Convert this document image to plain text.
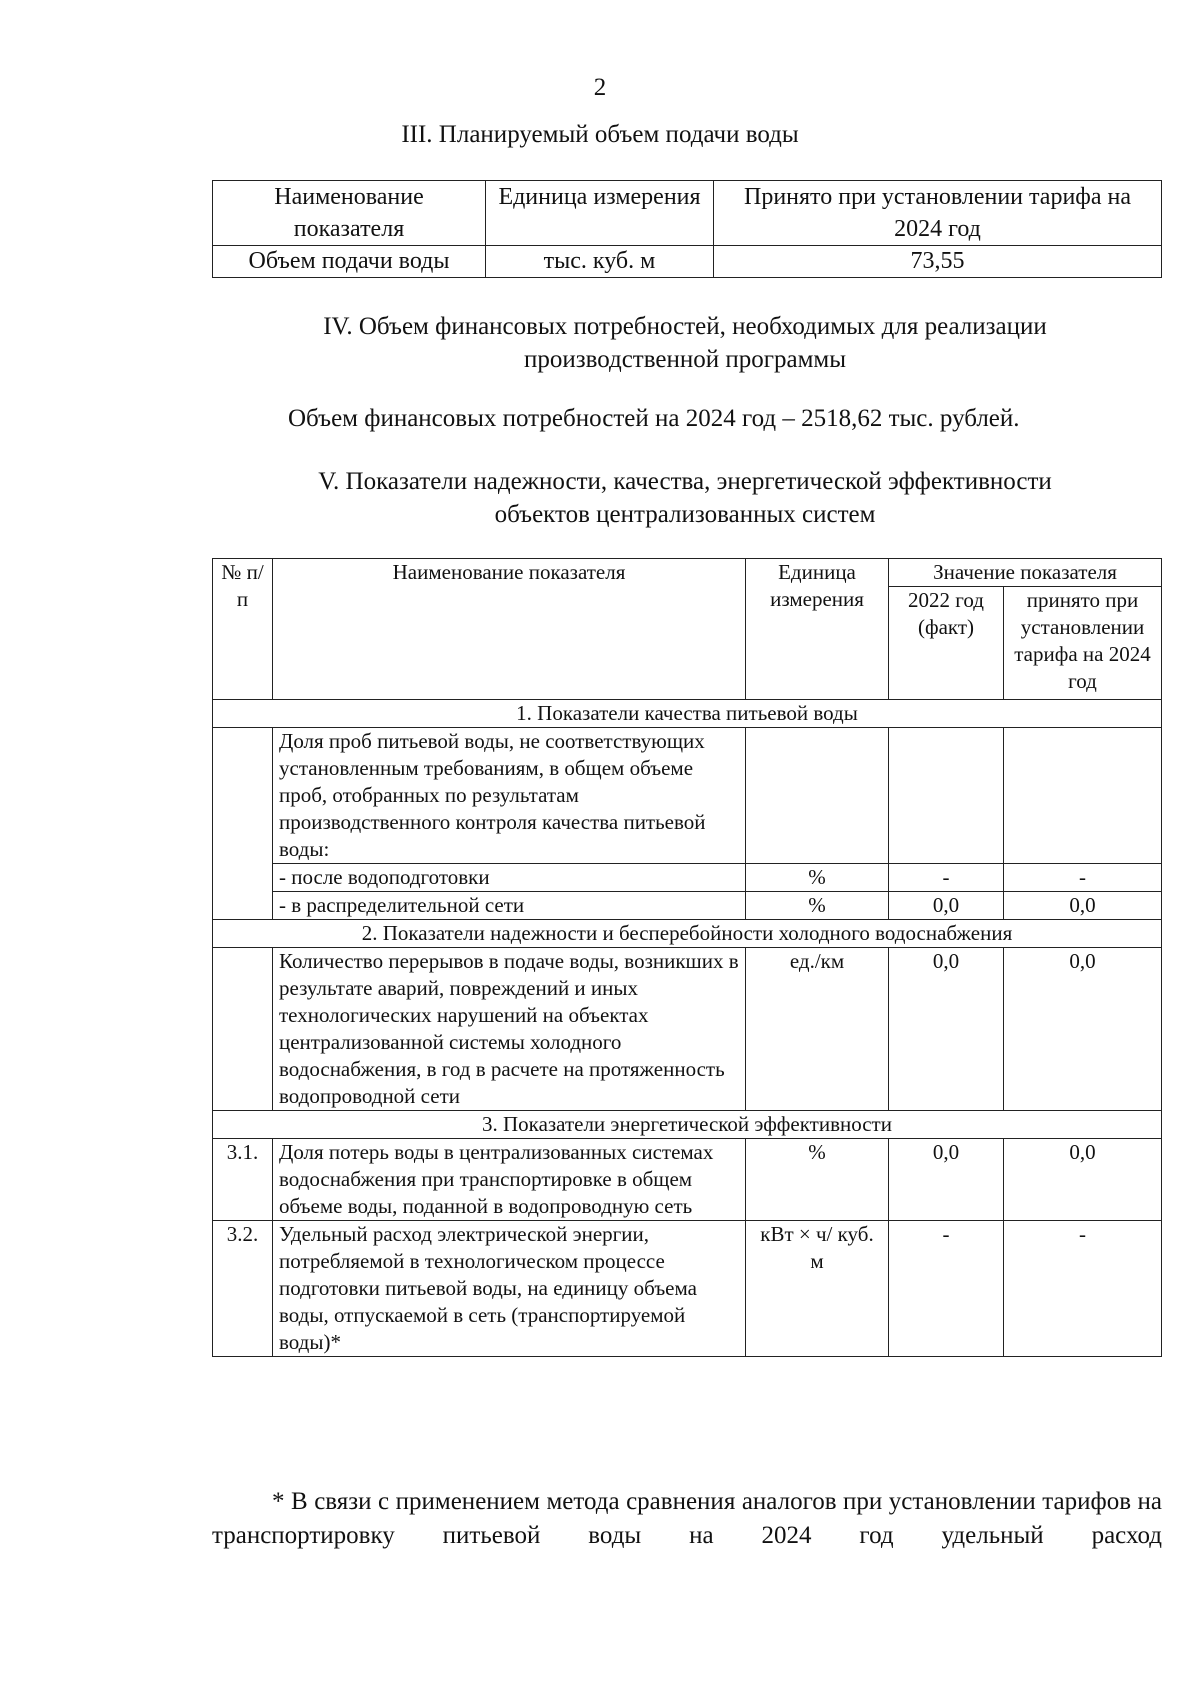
2
III. Планируемый объем подачи воды
Наименование показателя	Единица измерения	Принято при установлении тарифа на 2024 год
Объем подачи воды	тыс. куб. м	73,55
IV. Объем финансовых потребностей, необходимых для реализации
производственной программы
Объем финансовых потребностей на 2024 год – 2518,62 тыс. рублей.
V. Показатели надежности, качества, энергетической эффективности
объектов централизованных систем
№ п/п	Наименование показателя	Единица измерения	Значение показателя	
			2022 год (факт)	принято при установлении тарифа на 2024 год
1. Показатели качества питьевой воды				
	Доля проб питьевой воды, не соответствующих установленным требованиям, в общем объеме проб, отобранных по результатам производственного контроля качества питьевой воды:			
	- после водоподготовки	%	-	-
	- в распределительной сети	%	0,0	0,0
2. Показатели надежности и бесперебойности холодного водоснабжения				
	Количество перерывов в подаче воды, возникших в результате аварий, повреждений и иных технологических нарушений на объектах централизованной системы холодного водоснабжения, в год в расчете на протяженность водопроводной сети	ед./км	0,0	0,0
3. Показатели энергетической эффективности				
3.1.	Доля потерь воды в централизованных системах водоснабжения при транспортировке в общем объеме воды, поданной в водопроводную сеть	%	0,0	0,0
3.2.	Удельный расход электрической энергии, потребляемой в технологическом процессе подготовки питьевой воды, на единицу объема воды, отпускаемой в сеть (транспортируемой воды)*	кВт × ч/ куб. м	-	-
* В связи с применением метода сравнения аналогов при установлении тарифов на транспортировку питьевой воды на 2024 год удельный расход
